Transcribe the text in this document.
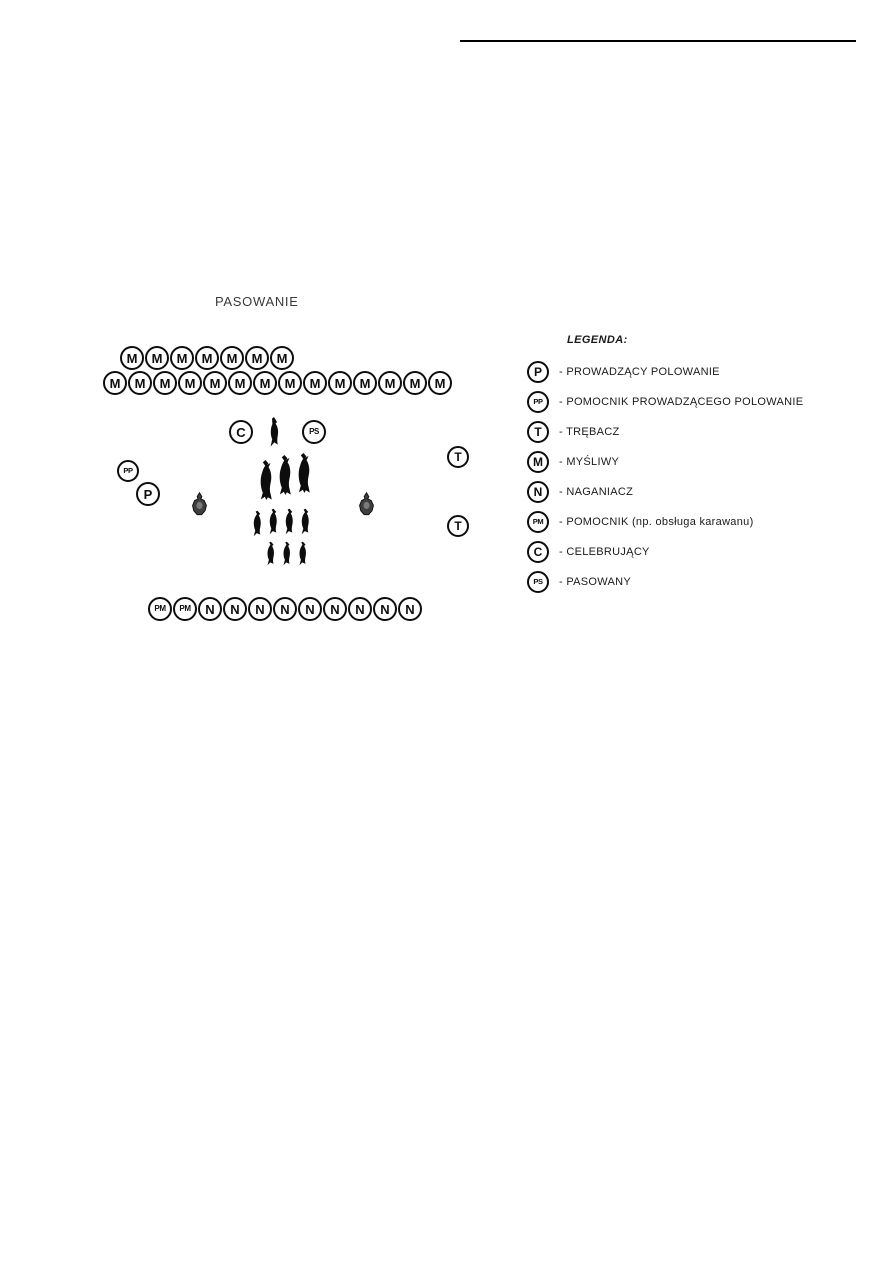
PASOWANIE
M	M	M	M	M	M	M
M	M	M	M	M	M	M	M	M	M	M	M	M	M
C	PS
PP
P
T
T
PM	PM	N	N	N	N	N	N	N	N	N
LEGENDA:
P	- PROWADZĄCY POLOWANIE
PP	- POMOCNIK PROWADZĄCEGO POLOWANIE
T	- TRĘBACZ
M	- MYŚLIWY
N	- NAGANIACZ
PM	- POMOCNIK (np. obsługa karawanu)
C	- CELEBRUJĄCY
PS	- PASOWANY
